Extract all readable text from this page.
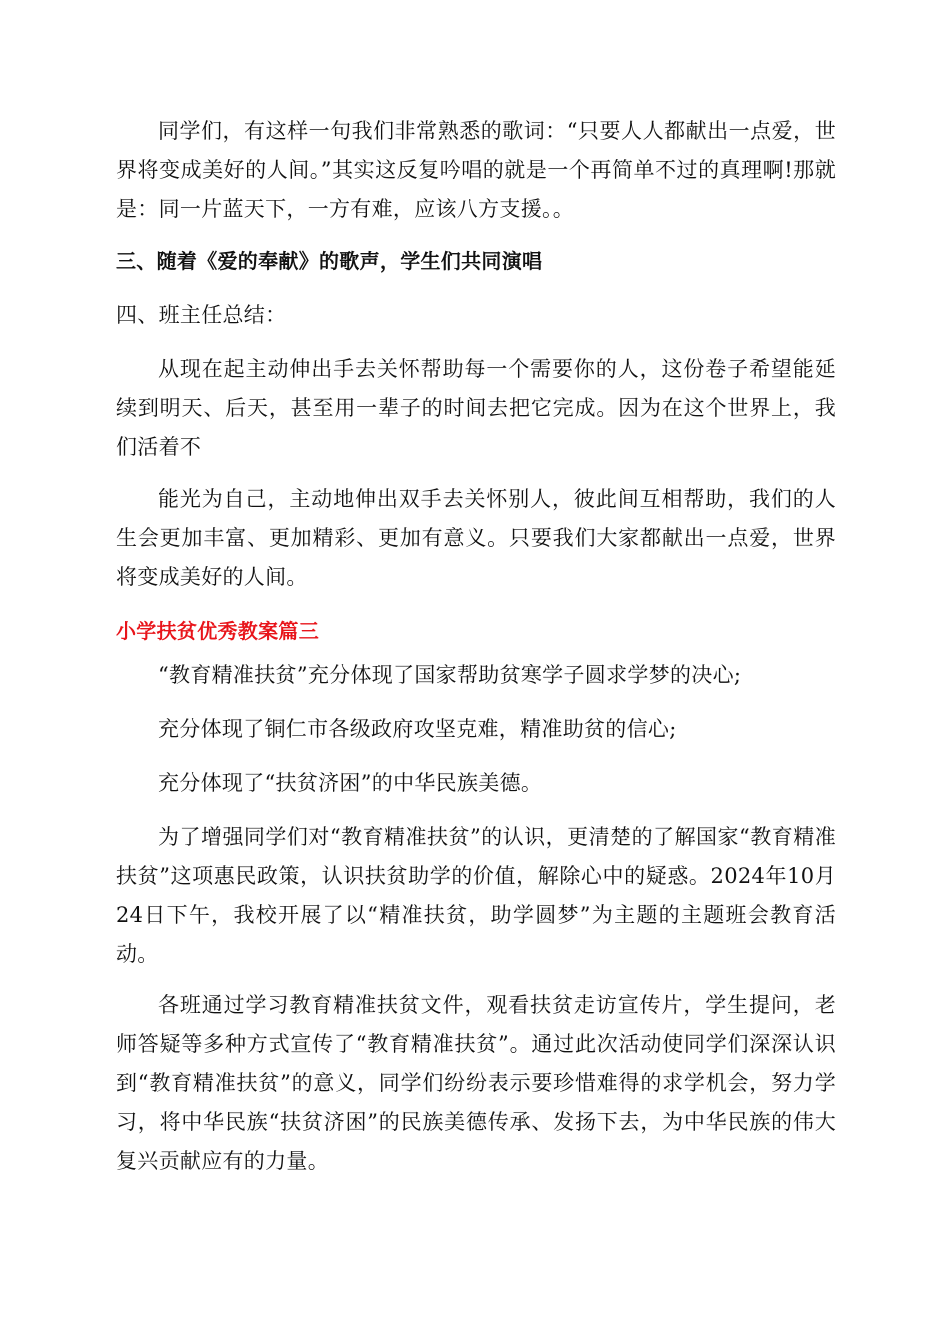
同学们，有这样一句我们非常熟悉的歌词：“只要人人都献出一点爱，世界将变成美好的人间。”其实这反复吟唱的就是一个再简单不过的真理啊!那就是：同一片蓝天下，一方有难，应该八方支援。。

三、随着《爱的奉献》的歌声，学生们共同演唱

四、班主任总结：

从现在起主动伸出手去关怀帮助每一个需要你的人，这份卷子希望能延续到明天、后天，甚至用一辈子的时间去把它完成。因为在这个世界上，我们活着不

能光为自己，主动地伸出双手去关怀别人，彼此间互相帮助，我们的人生会更加丰富、更加精彩、更加有意义。只要我们大家都献出一点爱，世界将变成美好的人间。

小学扶贫优秀教案篇三

“教育精准扶贫”充分体现了国家帮助贫寒学子圆求学梦的决心;

充分体现了铜仁市各级政府攻坚克难，精准助贫的信心;

充分体现了“扶贫济困”的中华民族美德。

为了增强同学们对“教育精准扶贫”的认识，更清楚的了解国家“教育精准扶贫”这项惠民政策，认识扶贫助学的价值，解除心中的疑惑。2024年10月24日下午，我校开展了以“精准扶贫，助学圆梦”为主题的主题班会教育活动。

各班通过学习教育精准扶贫文件，观看扶贫走访宣传片，学生提问，老师答疑等多种方式宣传了“教育精准扶贫”。通过此次活动使同学们深深认识到“教育精准扶贫”的意义，同学们纷纷表示要珍惜难得的求学机会，努力学习，将中华民族“扶贫济困”的民族美德传承、发扬下去，为中华民族的伟大复兴贡献应有的力量。
